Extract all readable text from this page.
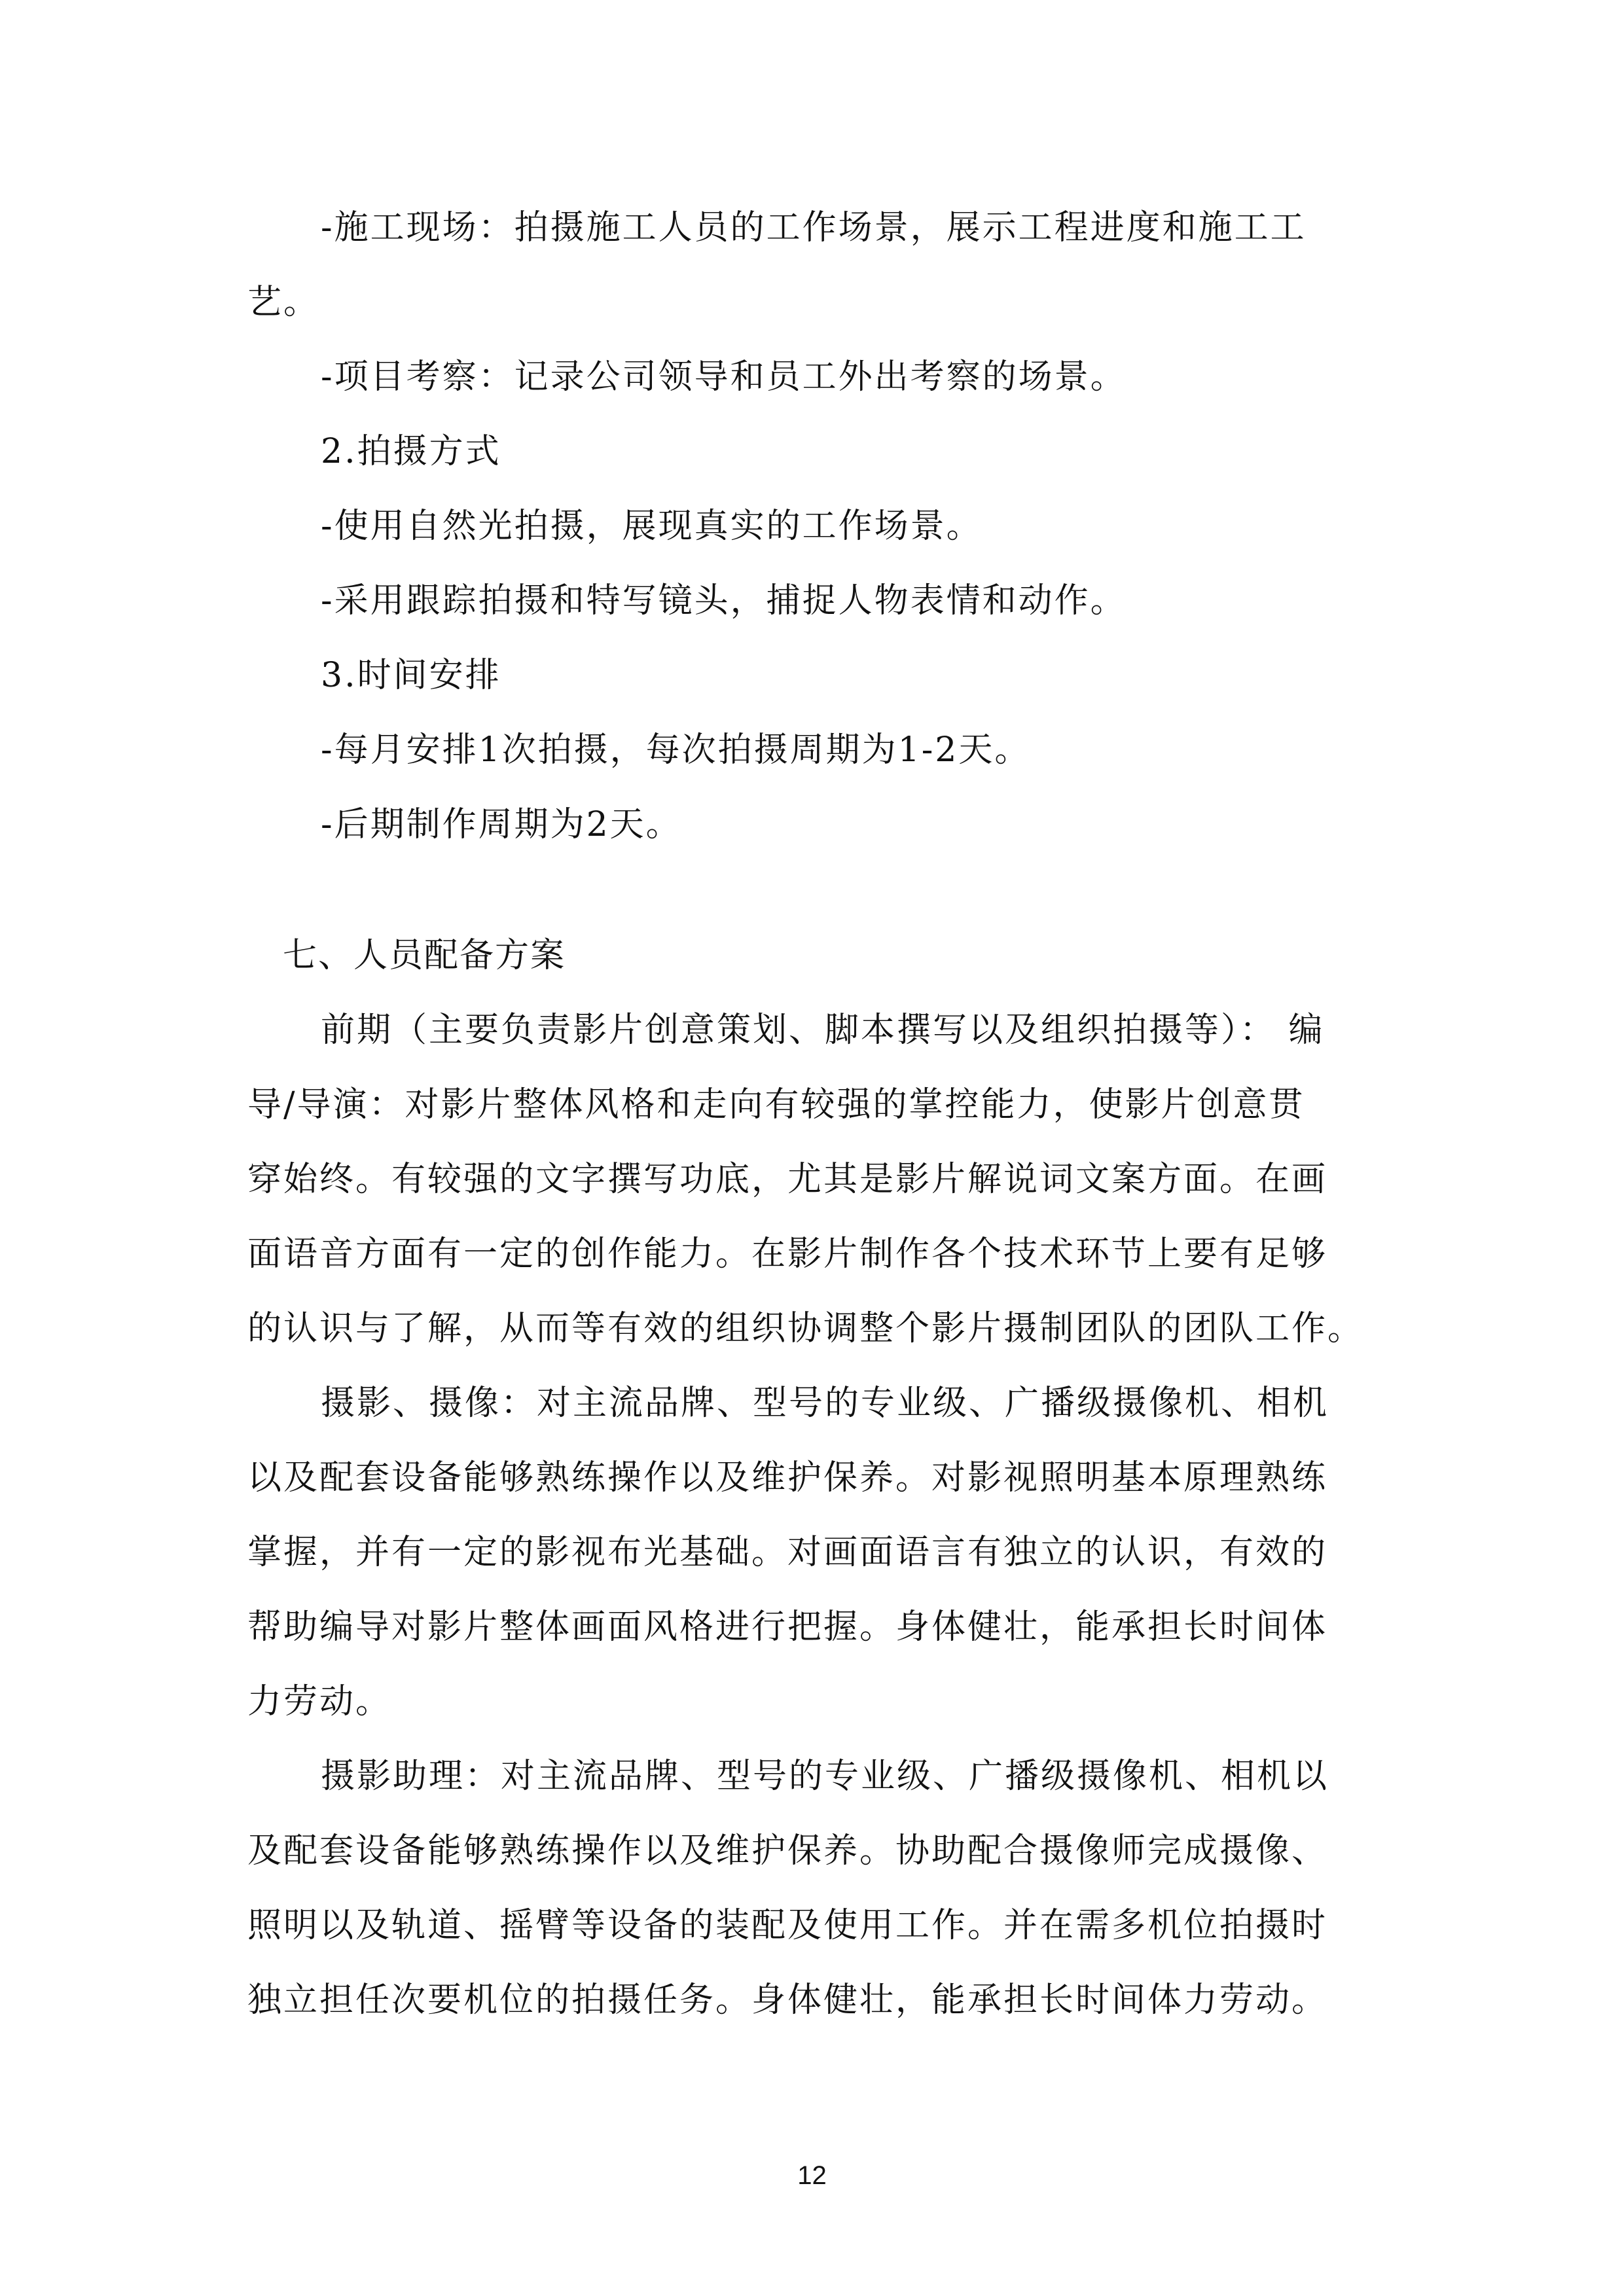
-施工现场：拍摄施工人员的工作场景，展示工程进度和施工工
艺。
-项目考察：记录公司领导和员工外出考察的场景。
2.拍摄方式
-使用自然光拍摄，展现真实的工作场景。
-采用跟踪拍摄和特写镜头，捕捉人物表情和动作。
3.时间安排
-每月安排1次拍摄，每次拍摄周期为1-2天。
-后期制作周期为2天。
七、人员配备方案
前期（主要负责影片创意策划、脚本撰写以及组织拍摄等）： 编
导/导演：对影片整体风格和走向有较强的掌控能力，使影片创意贯
穿始终。有较强的文字撰写功底，尤其是影片解说词文案方面。在画
面语音方面有一定的创作能力。在影片制作各个技术环节上要有足够
的认识与了解，从而等有效的组织协调整个影片摄制团队的团队工作。
摄影、摄像：对主流品牌、型号的专业级、广播级摄像机、相机
以及配套设备能够熟练操作以及维护保养。对影视照明基本原理熟练
掌握，并有一定的影视布光基础。对画面语言有独立的认识，有效的
帮助编导对影片整体画面风格进行把握。身体健壮，能承担长时间体
力劳动。
摄影助理：对主流品牌、型号的专业级、广播级摄像机、相机以
及配套设备能够熟练操作以及维护保养。协助配合摄像师完成摄像、
照明以及轨道、摇臂等设备的装配及使用工作。并在需多机位拍摄时
独立担任次要机位的拍摄任务。身体健壮，能承担长时间体力劳动。
12
